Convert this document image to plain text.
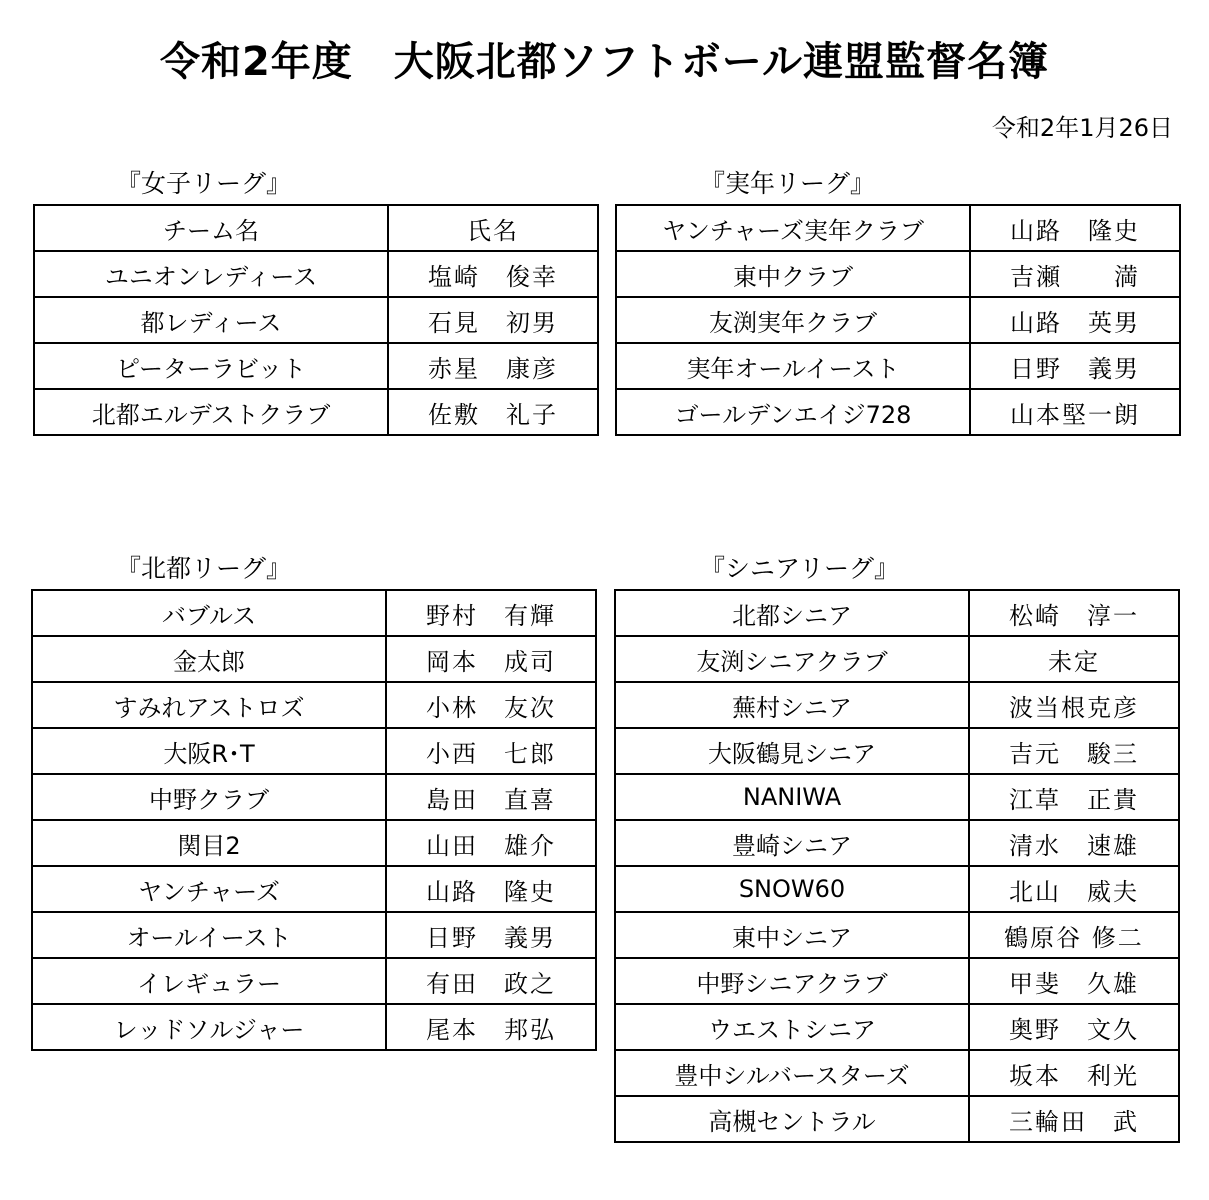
令和2年度　大阪北都ソフトボール連盟監督名簿
令和2年1月26日
『女子リーグ』
チーム名	氏名
ユニオンレディース	塩崎　俊幸
都レディース	石見　初男
ピーターラビット	赤星　康彦
北都エルデストクラブ	佐敷　礼子
『実年リーグ』
ヤンチャーズ実年クラブ	山路　隆史
東中クラブ	吉瀬　　満
友渕実年クラブ	山路　英男
実年オールイースト	日野　義男
ゴールデンエイジ728	山本堅一朗
『北都リーグ』
バブルス	野村　有輝
金太郎	岡本　成司
すみれアストロズ	小林　友次
大阪R･T	小西　七郎
中野クラブ	島田　直喜
関目2	山田　雄介
ヤンチャーズ	山路　隆史
オールイースト	日野　義男
イレギュラー	有田　政之
レッドソルジャー	尾本　邦弘
『シニアリーグ』
北都シニア	松崎　淳一
友渕シニアクラブ	未定
蕪村シニア	波当根克彦
大阪鶴見シニア	吉元　駿三
NANIWA	江草　正貴
豊崎シニア	清水　速雄
SNOW60	北山　威夫
東中シニア	鶴原谷 修二
中野シニアクラブ	甲斐　久雄
ウエストシニア	奥野　文久
豊中シルバースターズ	坂本　利光
高槻セントラル	三輪田　武
